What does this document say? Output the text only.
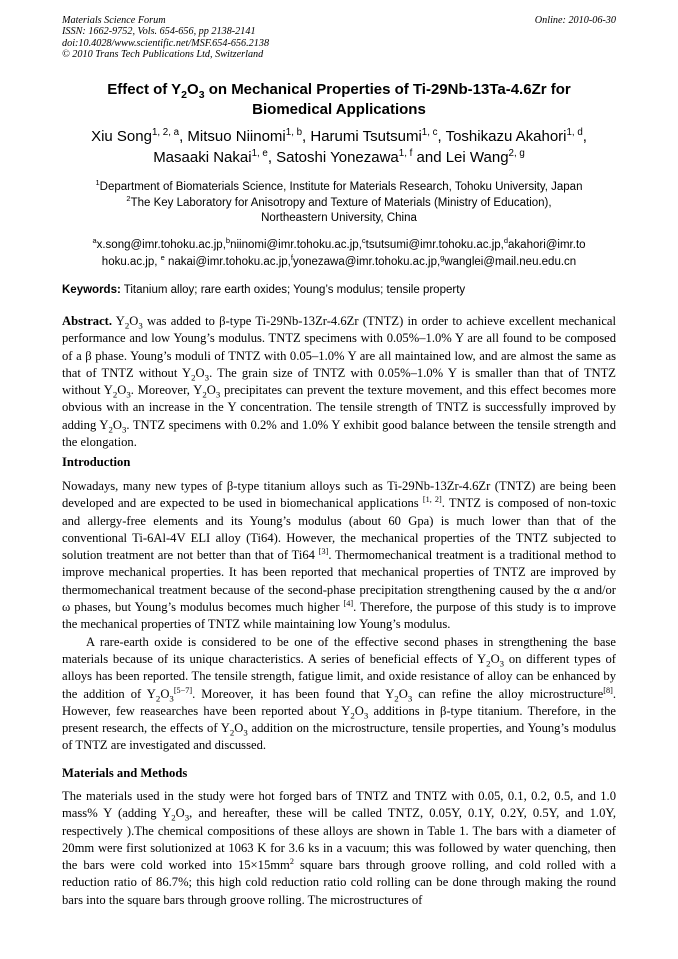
Materials Science Forum	Online: 2010-06-30
ISSN: 1662-9752, Vols. 654-656, pp 2138-2141
doi:10.4028/www.scientific.net/MSF.654-656.2138
© 2010 Trans Tech Publications Ltd, Switzerland
Effect of $Y_2O_3$ on Mechanical Properties of Ti-29Nb-13Ta-4.6Zr for
Biomedical Applications
Xiu Song$^{1, 2, a}$, Mitsuo Niinomi$^{1, b}$, Harumi Tsutsumi$^{1, c}$, Toshikazu Akahori$^{1, d}$,
Masaaki Nakai$^{1, e}$, Satoshi Yonezawa$^{1, f}$ and Lei Wang$^{2, g}$
$^1$Department of Biomaterials Science, Institute for Materials Research, Tohoku University, Japan
$^2$The Key Laboratory for Anisotropy and Texture of Materials (Ministry of Education),
Northeastern University, China
$^a$x.song@imr.tohoku.ac.jp,$^b$niinomi@imr.tohoku.ac.jp,$^c$tsutsumi@imr.tohoku.ac.jp,$^d$akahori@imr.to
hoku.ac.jp, $^e$ nakai@imr.tohoku.ac.jp,$^f$yonezawa@imr.tohoku.ac.jp,$^g$wanglei@mail.neu.edu.cn
Keywords: Titanium alloy; rare earth oxides; Young’s modulus; tensile property
Abstract. $Y_2O_3$ was added to β-type Ti-29Nb-13Zr-4.6Zr (TNTZ) in order to achieve excellent mechanical performance and low Young’s modulus. TNTZ specimens with 0.05%–1.0% Y are all found to be composed of a β phase. Young’s moduli of TNTZ with 0.05–1.0% Y are all maintained low, and are almost the same as that of TNTZ without $Y_2O_3$. The grain size of TNTZ with 0.05%–1.0% Y is smaller than that of TNTZ without $Y_2O_3$. Moreover, $Y_2O_3$ precipitates can prevent the texture movement, and this effect becomes more obvious with an increase in the Y concentration. The tensile strength of TNTZ is successfully improved by adding $Y_2O_3$. TNTZ specimens with 0.2% and 1.0% Y exhibit good balance between the tensile strength and the elongation.
Introduction
Nowadays, many new types of β-type titanium alloys such as Ti-29Nb-13Zr-4.6Zr (TNTZ) are being been developed and are expected to be used in biomechanical applications [1, 2]. TNTZ is composed of non-toxic and allergy-free elements and its Young’s modulus (about 60 Gpa) is much lower than that of the conventional Ti-6Al-4V ELI alloy (Ti64). However, the mechanical properties of the TNTZ subjected to solution treatment are not better than that of Ti64 [3]. Thermomechanical treatment is a traditional method to improve mechanical properties. It has been reported that mechanical properties of TNTZ are improved by thermomechanical treatment because of the second-phase precipitation strengthening caused by the α and/or ω phases, but Young’s modulus becomes much higher [4]. Therefore, the purpose of this study is to improve the mechanical properties of TNTZ while maintaining low Young’s modulus.
A rare-earth oxide is considered to be one of the effective second phases in strengthening the base materials because of its unique characteristics. A series of beneficial effects of $Y_2O_3$ on different types of alloys has been reported. The tensile strength, fatigue limit, and oxide resistance of alloy can be enhanced by the addition of $Y_2O_3[5-7]$. Moreover, it has been found that $Y_2O_3$ can refine the alloy microstructure[8]. However, few reasearches have been reported about $Y_2O_3$ additions in β-type titanium. Therefore, in the present research, the effects of $Y_2O_3$ addition on the microstructure, tensile properties, and Young’s modulus of TNTZ are investigated and discussed.
Materials and Methods
The materials used in the study were hot forged bars of TNTZ and TNTZ with 0.05, 0.1, 0.2, 0.5, and 1.0 mass% Y (adding $Y_2O_3$, and hereafter, these will be called TNTZ, 0.05Y, 0.1Y, 0.2Y, 0.5Y, and 1.0Y, respectively ).The chemical compositions of these alloys are shown in Table 1. The bars with a diameter of 20mm were first solutionized at 1063 K for 3.6 ks in a vacuum; this was followed by water quenching, then the bars were cold worked into $15\times 15mm^2$ square bars through groove rolling, and cold rolled with a reduction ratio of 86.7%; this high cold reduction ratio cold rolling can be done through making the round bars into the square bars through groove rolling. The microstructures of
